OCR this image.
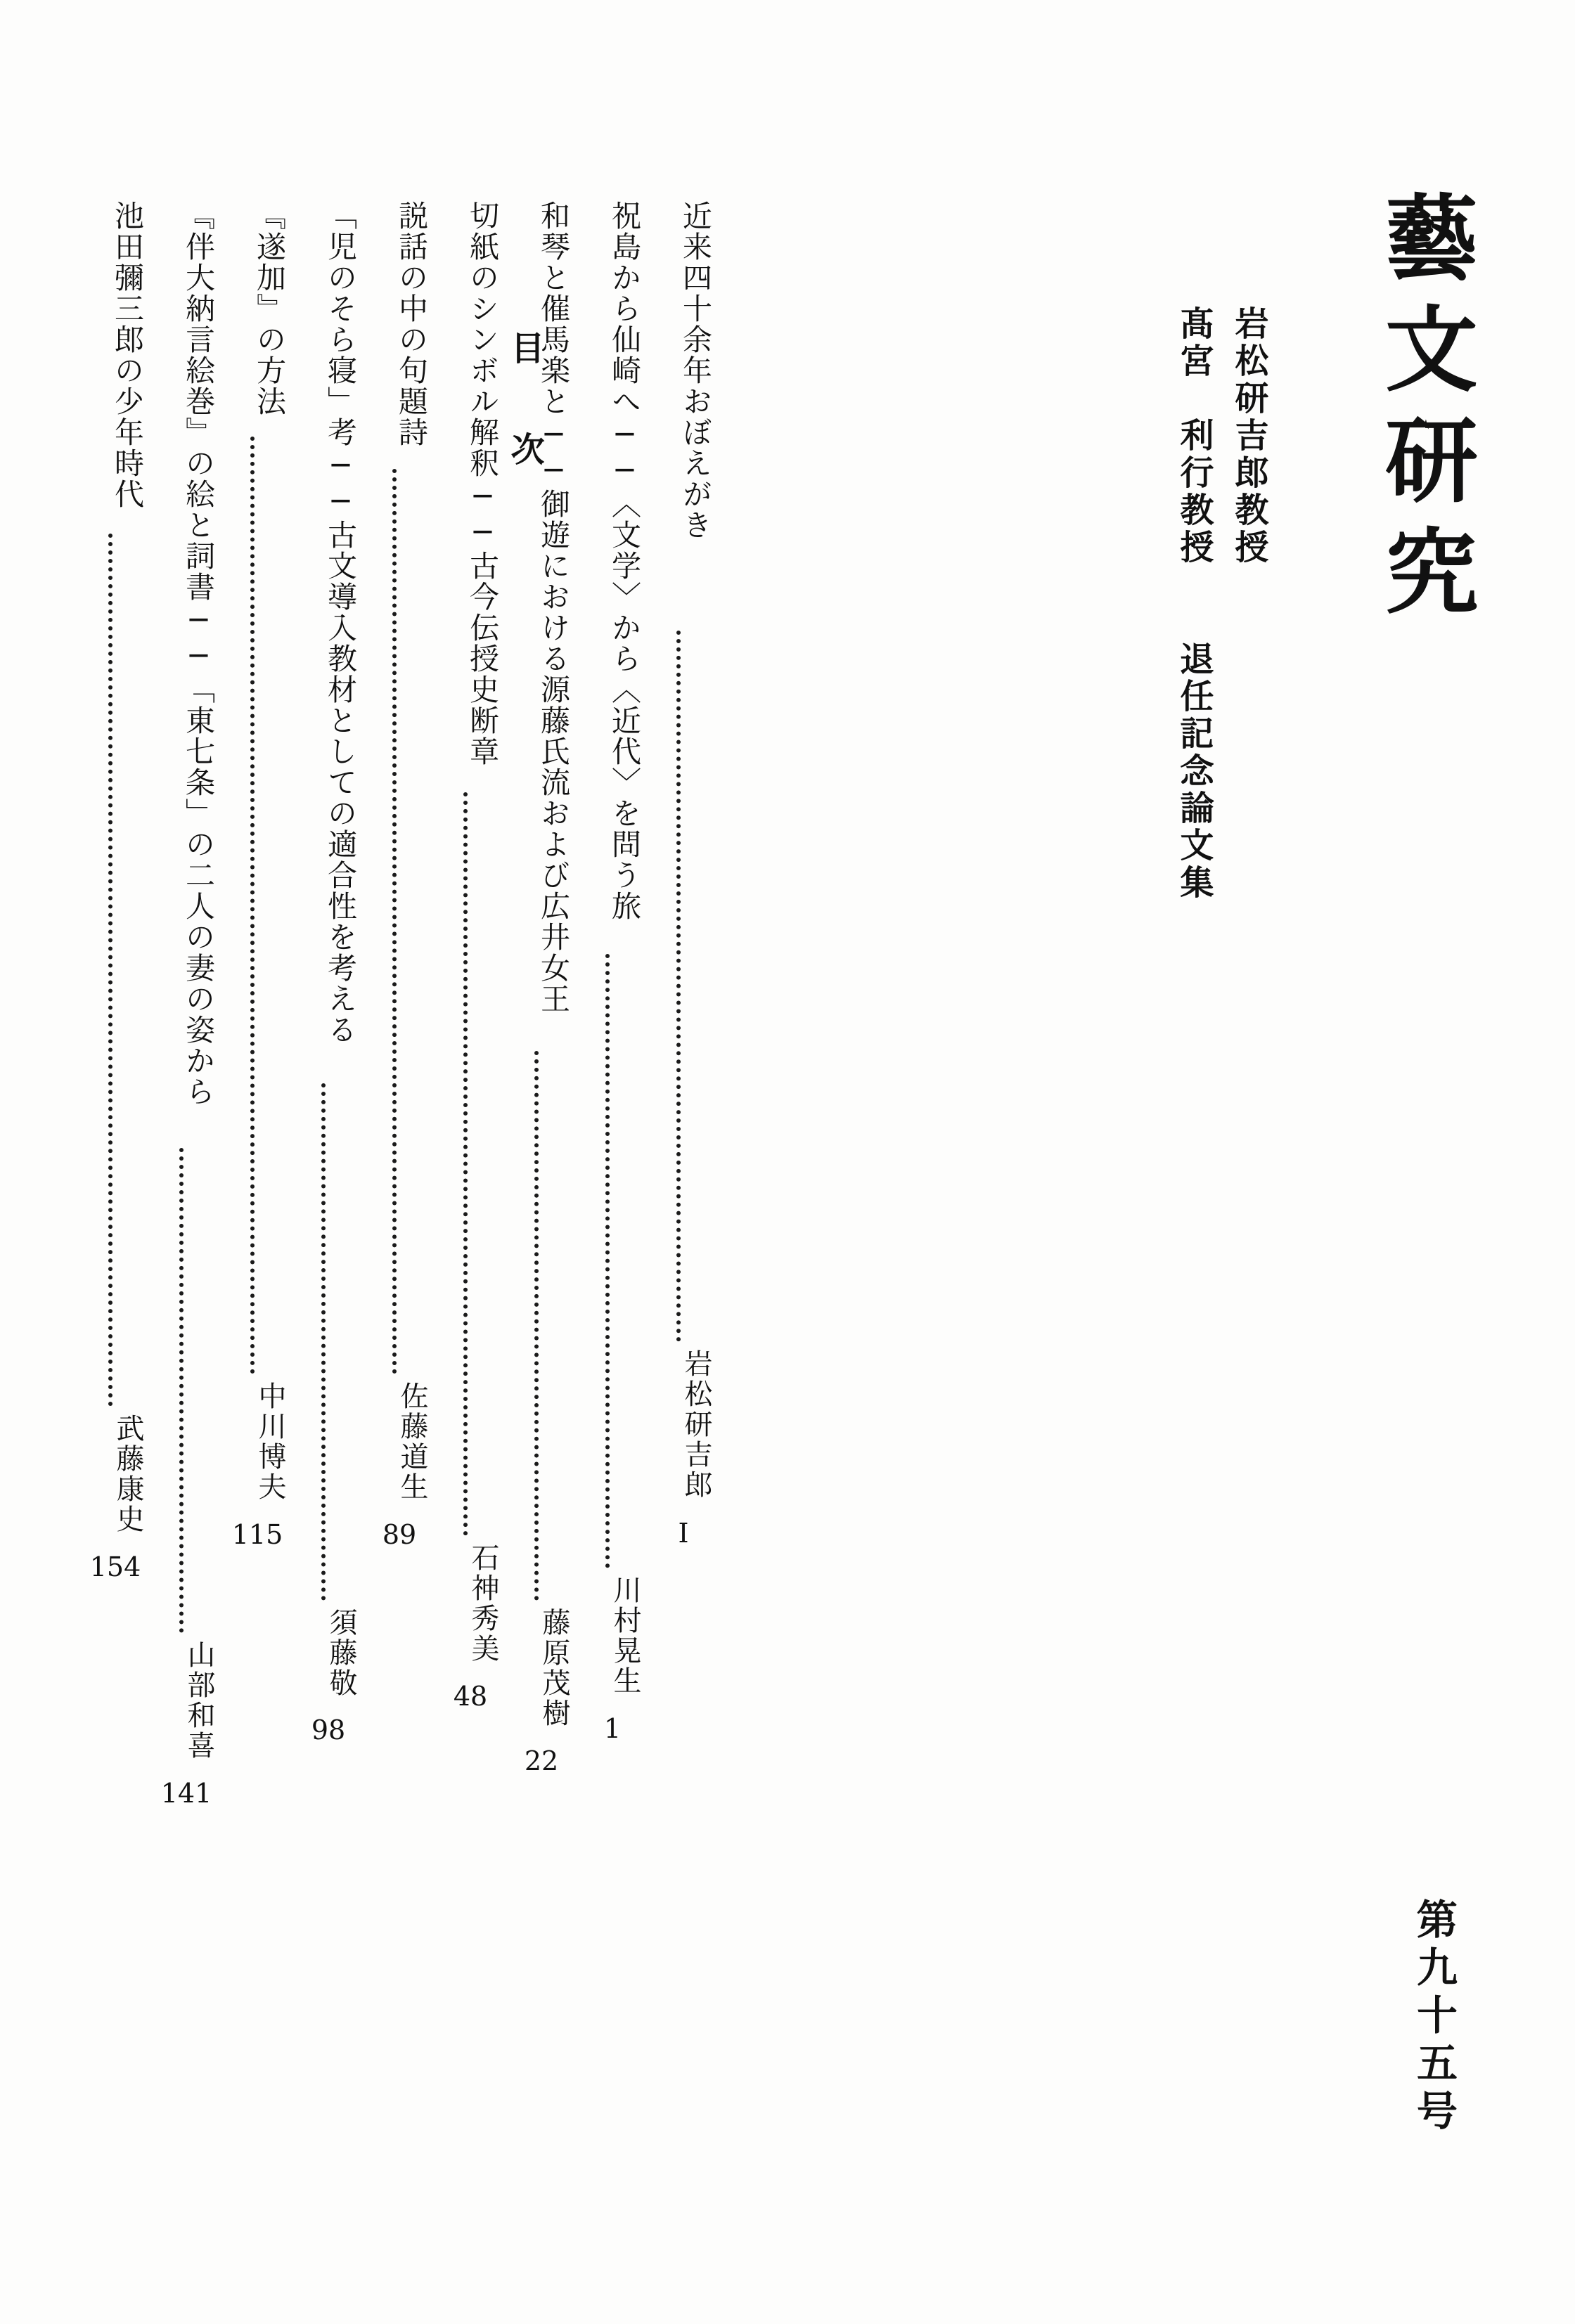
藝文研究
岩松研吉郎教授
髙宮　利行教授　　退任記念論文集
第九十五号
目　次	近来四十余年おぼえがき
岩松研吉郎
I
祝島から仙崎へ──〈文学〉から〈近代〉を問う旅
川村晃生
1
和琴と催馬楽と──御遊における源藤氏流および広井女王
藤原茂樹
22
切紙のシンボル解釈──古今伝授史断章
石神秀美
48
説話の中の句題詩
佐藤道生
89
「児のそら寝」考──古文導入教材としての適合性を考える
須藤敬
98
『遂加』の方法
中川博夫
115
『伴大納言絵巻』の絵と詞書──「東七条」の二人の妻の姿から
山部和喜
141
池田彌三郎の少年時代
武藤康史
154
